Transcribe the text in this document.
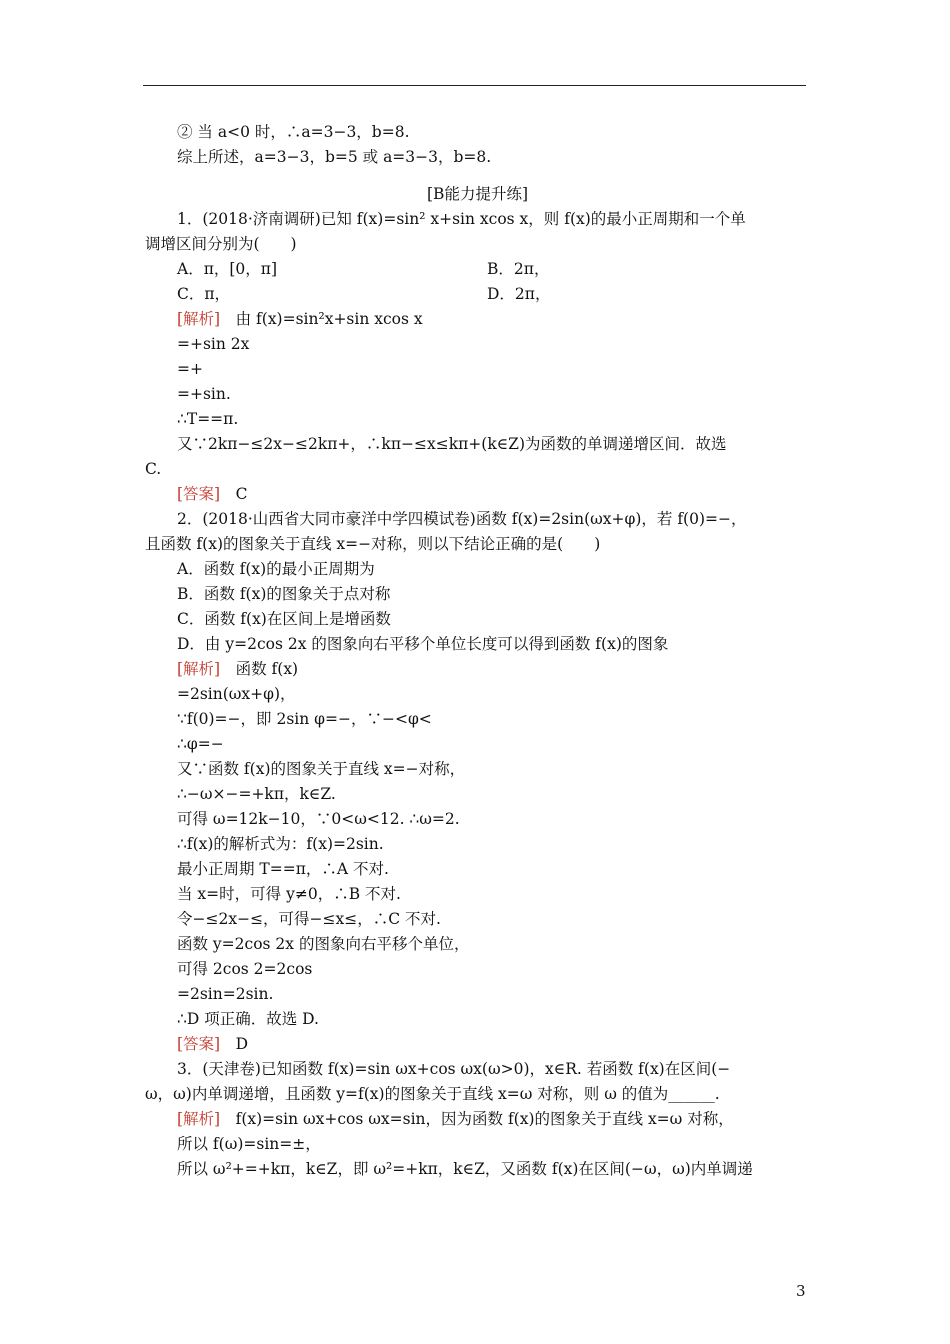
② 当 a<0 时，∴a=3−3，b=8.
综上所述，a=3−3，b=5 或 a=3−3，b=8.
[B能力提升练]
1．(2018·济南调研)已知 f(x)=sin² x+sin xcos x，则 f(x)的最小正周期和一个单
调增区间分别为(　　)
A．π，[0，π]	B．2π，
C．π，	D．2π，
[解析]　由 f(x)=sin²x+sin xcos x
=+sin 2x
=+
=+sin.
∴T==π.
又∵2kπ−≤2x−≤2kπ+，∴kπ−≤x≤kπ+(k∈Z)为函数的单调递增区间．故选
C.
[答案]　C
2．(2018·山西省大同市豪洋中学四模试卷)函数 f(x)=2sin(ωx+φ)，若 f(0)=−，
且函数 f(x)的图象关于直线 x=−对称，则以下结论正确的是(　　)
A．函数 f(x)的最小正周期为
B．函数 f(x)的图象关于点对称
C．函数 f(x)在区间上是增函数
D．由 y=2cos 2x 的图象向右平移个单位长度可以得到函数 f(x)的图象
[解析]　函数 f(x)
=2sin(ωx+φ)，
∵f(0)=−，即 2sin φ=−，∵−<φ<
∴φ=−
又∵函数 f(x)的图象关于直线 x=−对称，
∴−ω×−=+kπ，k∈Z.
可得 ω=12k−10，∵0<ω<12. ∴ω=2.
∴f(x)的解析式为：f(x)=2sin.
最小正周期 T==π，∴A 不对.
当 x=时，可得 y≠0，∴B 不对.
令−≤2x−≤，可得−≤x≤，∴C 不对.
函数 y=2cos 2x 的图象向右平移个单位，
可得 2cos 2=2cos
=2sin=2sin.
∴D 项正确．故选 D.
[答案]　D
3．(天津卷)已知函数 f(x)=sin ωx+cos ωx(ω>0)，x∈R. 若函数 f(x)在区间(−
ω，ω)内单调递增，且函数 y=f(x)的图象关于直线 x=ω 对称，则 ω 的值为______.
[解析]　f(x)=sin ωx+cos ωx=sin，因为函数 f(x)的图象关于直线 x=ω 对称，
所以 f(ω)=sin=±，
所以 ω²+=+kπ，k∈Z，即 ω²=+kπ，k∈Z，又函数 f(x)在区间(−ω，ω)内单调递
3
